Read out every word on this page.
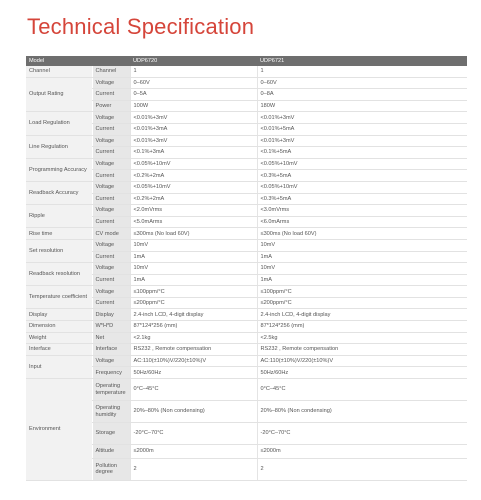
Technical Specification
Model		UDP6720	UDP6721
Channel	Channel	1	1
Output Rating	Voltage	0–60V	0–60V
	Current	0–5A	0–8A
	Power	100W	180W
Load Regulation	Voltage	<0.01%+3mV	<0.01%+3mV
	Current	<0.01%+3mA	<0.01%+5mA
Line Regulation	Voltage	<0.01%+3mV	<0.01%+3mV
	Current	<0.1%+3mA	<0.1%+5mA
Programming Accuracy	Voltage	<0.05%+10mV	<0.05%+10mV
	Current	<0.2%+2mA	<0.3%+5mA
Readback Accuracy	Voltage	<0.05%+10mV	<0.05%+10mV
	Current	<0.2%+2mA	<0.3%+5mA
Ripple	Voltage	<2.0mVrms	<3.0mVrms
	Current	<5.0mArms	<6.0mArms
Rise time	CV mode	≤300ms (No load 60V)	≤300ms (No load 60V)
Set resolution	Voltage	10mV	10mV
	Current	1mA	1mA
Readback resolution	Voltage	10mV	10mV
	Current	1mA	1mA
Temperature coefficient	Voltage	≤100ppm/°C	≤100ppm/°C
	Current	≤200ppm/°C	≤200ppm/°C
Display	Display	2.4-inch LCD, 4-digit display	2.4-inch LCD, 4-digit display
Dimension	W*H*D	87*124*256 (mm)	87*124*256 (mm)
Weight	Net	<2.1kg	<2.5kg
Interface	Interface	RS232 , Remote compensation	RS232 , Remote compensation
Input	Voltage	AC:110(±10%)V/220(±10%)V	AC:110(±10%)V/220(±10%)V
	Frequency	50Hz/60Hz	50Hz/60Hz
Environment	Operating temperature	0°C–45°C	0°C–45°C
	Operating humidity	20%–80% (Non condensing)	20%–80% (Non condensing)
	Storage	-20°C–70°C	-20°C–70°C
	Altitude	≤2000m	≤2000m
	Pollution degree	2	2
